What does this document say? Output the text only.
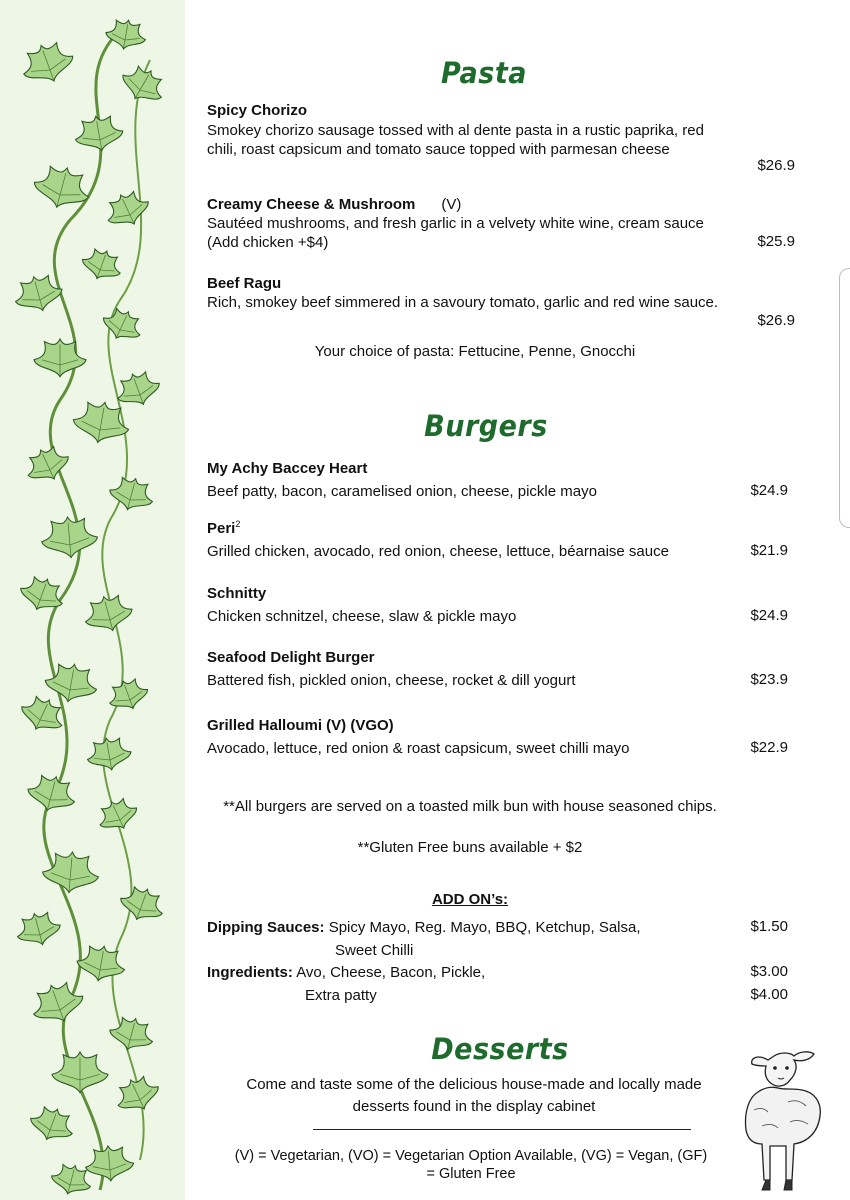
Pasta
Spicy Chorizo
Smokey chorizo sausage tossed with al dente pasta in a rustic paprika, red chili, roast capsicum and tomato sauce topped with parmesan cheese
$26.9
Creamy Cheese & Mushroom (V)
Sautéed mushrooms, and fresh garlic in a velvety white wine, cream sauce (Add chicken +$4)	$25.9
Beef Ragu
Rich, smokey beef simmered in a savoury tomato, garlic and red wine sauce.
$26.9
Your choice of pasta: Fettucine, Penne, Gnocchi
Burgers
My Achy Baccey Heart
Beef patty, bacon, caramelised onion, cheese, pickle mayo	$24.9
Peri$^2$
Grilled chicken, avocado, red onion, cheese, lettuce, béarnaise sauce	$21.9
Schnitty
Chicken schnitzel, cheese, slaw & pickle mayo	$24.9
Seafood Delight Burger
Battered fish, pickled onion, cheese, rocket & dill yogurt	$23.9
Grilled Halloumi (V) (VGO)
Avocado, lettuce, red onion & roast capsicum, sweet chilli mayo	$22.9
**All burgers are served on a toasted milk bun with house seasoned chips.
**Gluten Free buns available + $2
ADD ON’s:
Dipping Sauces: Spicy Mayo, Reg. Mayo, BBQ, Ketchup, Salsa,
Sweet Chilli
$1.50
Ingredients: Avo, Cheese, Bacon, Pickle,	$3.00
Extra patty	$4.00
Desserts
Come and taste some of the delicious house-made and locally made desserts found in the display cabinet
(V) = Vegetarian, (VO) = Vegetarian Option Available, (VG) = Vegan, (GF) = Gluten Free
